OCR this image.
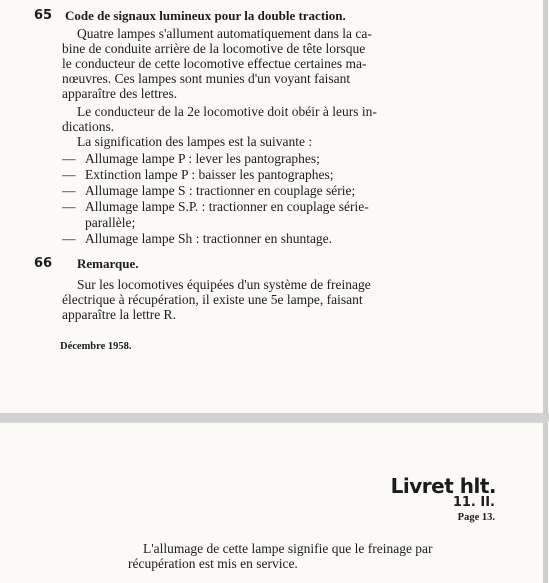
65 Code de signaux lumineux pour la double traction.
Quatre lampes s'allument automatiquement dans la ca-
bine de conduite arrière de la locomotive de tête lorsque
le conducteur de cette locomotive effectue certaines ma-
nœuvres. Ces lampes sont munies d'un voyant faisant
apparaître des lettres.
Le conducteur de la 2e locomotive doit obéir à leurs in-
dications.
La signification des lampes est la suivante :
— Allumage lampe P : lever les pantographes;
— Extinction lampe P : baisser les pantographes;
— Allumage lampe S : tractionner en couplage série;
— Allumage lampe S.P. : tractionner en couplage série-
parallèle;
— Allumage lampe Sh : tractionner en shuntage.
66 Remarque.
Sur les locomotives équipées d'un système de freinage
électrique à récupération, il existe une 5e lampe, faisant
apparaître la lettre R.
Décembre 1958.
Livret hlt.
11. II.
Page 13.
L'allumage de cette lampe signifie que le freinage par
récupération est mis en service.
